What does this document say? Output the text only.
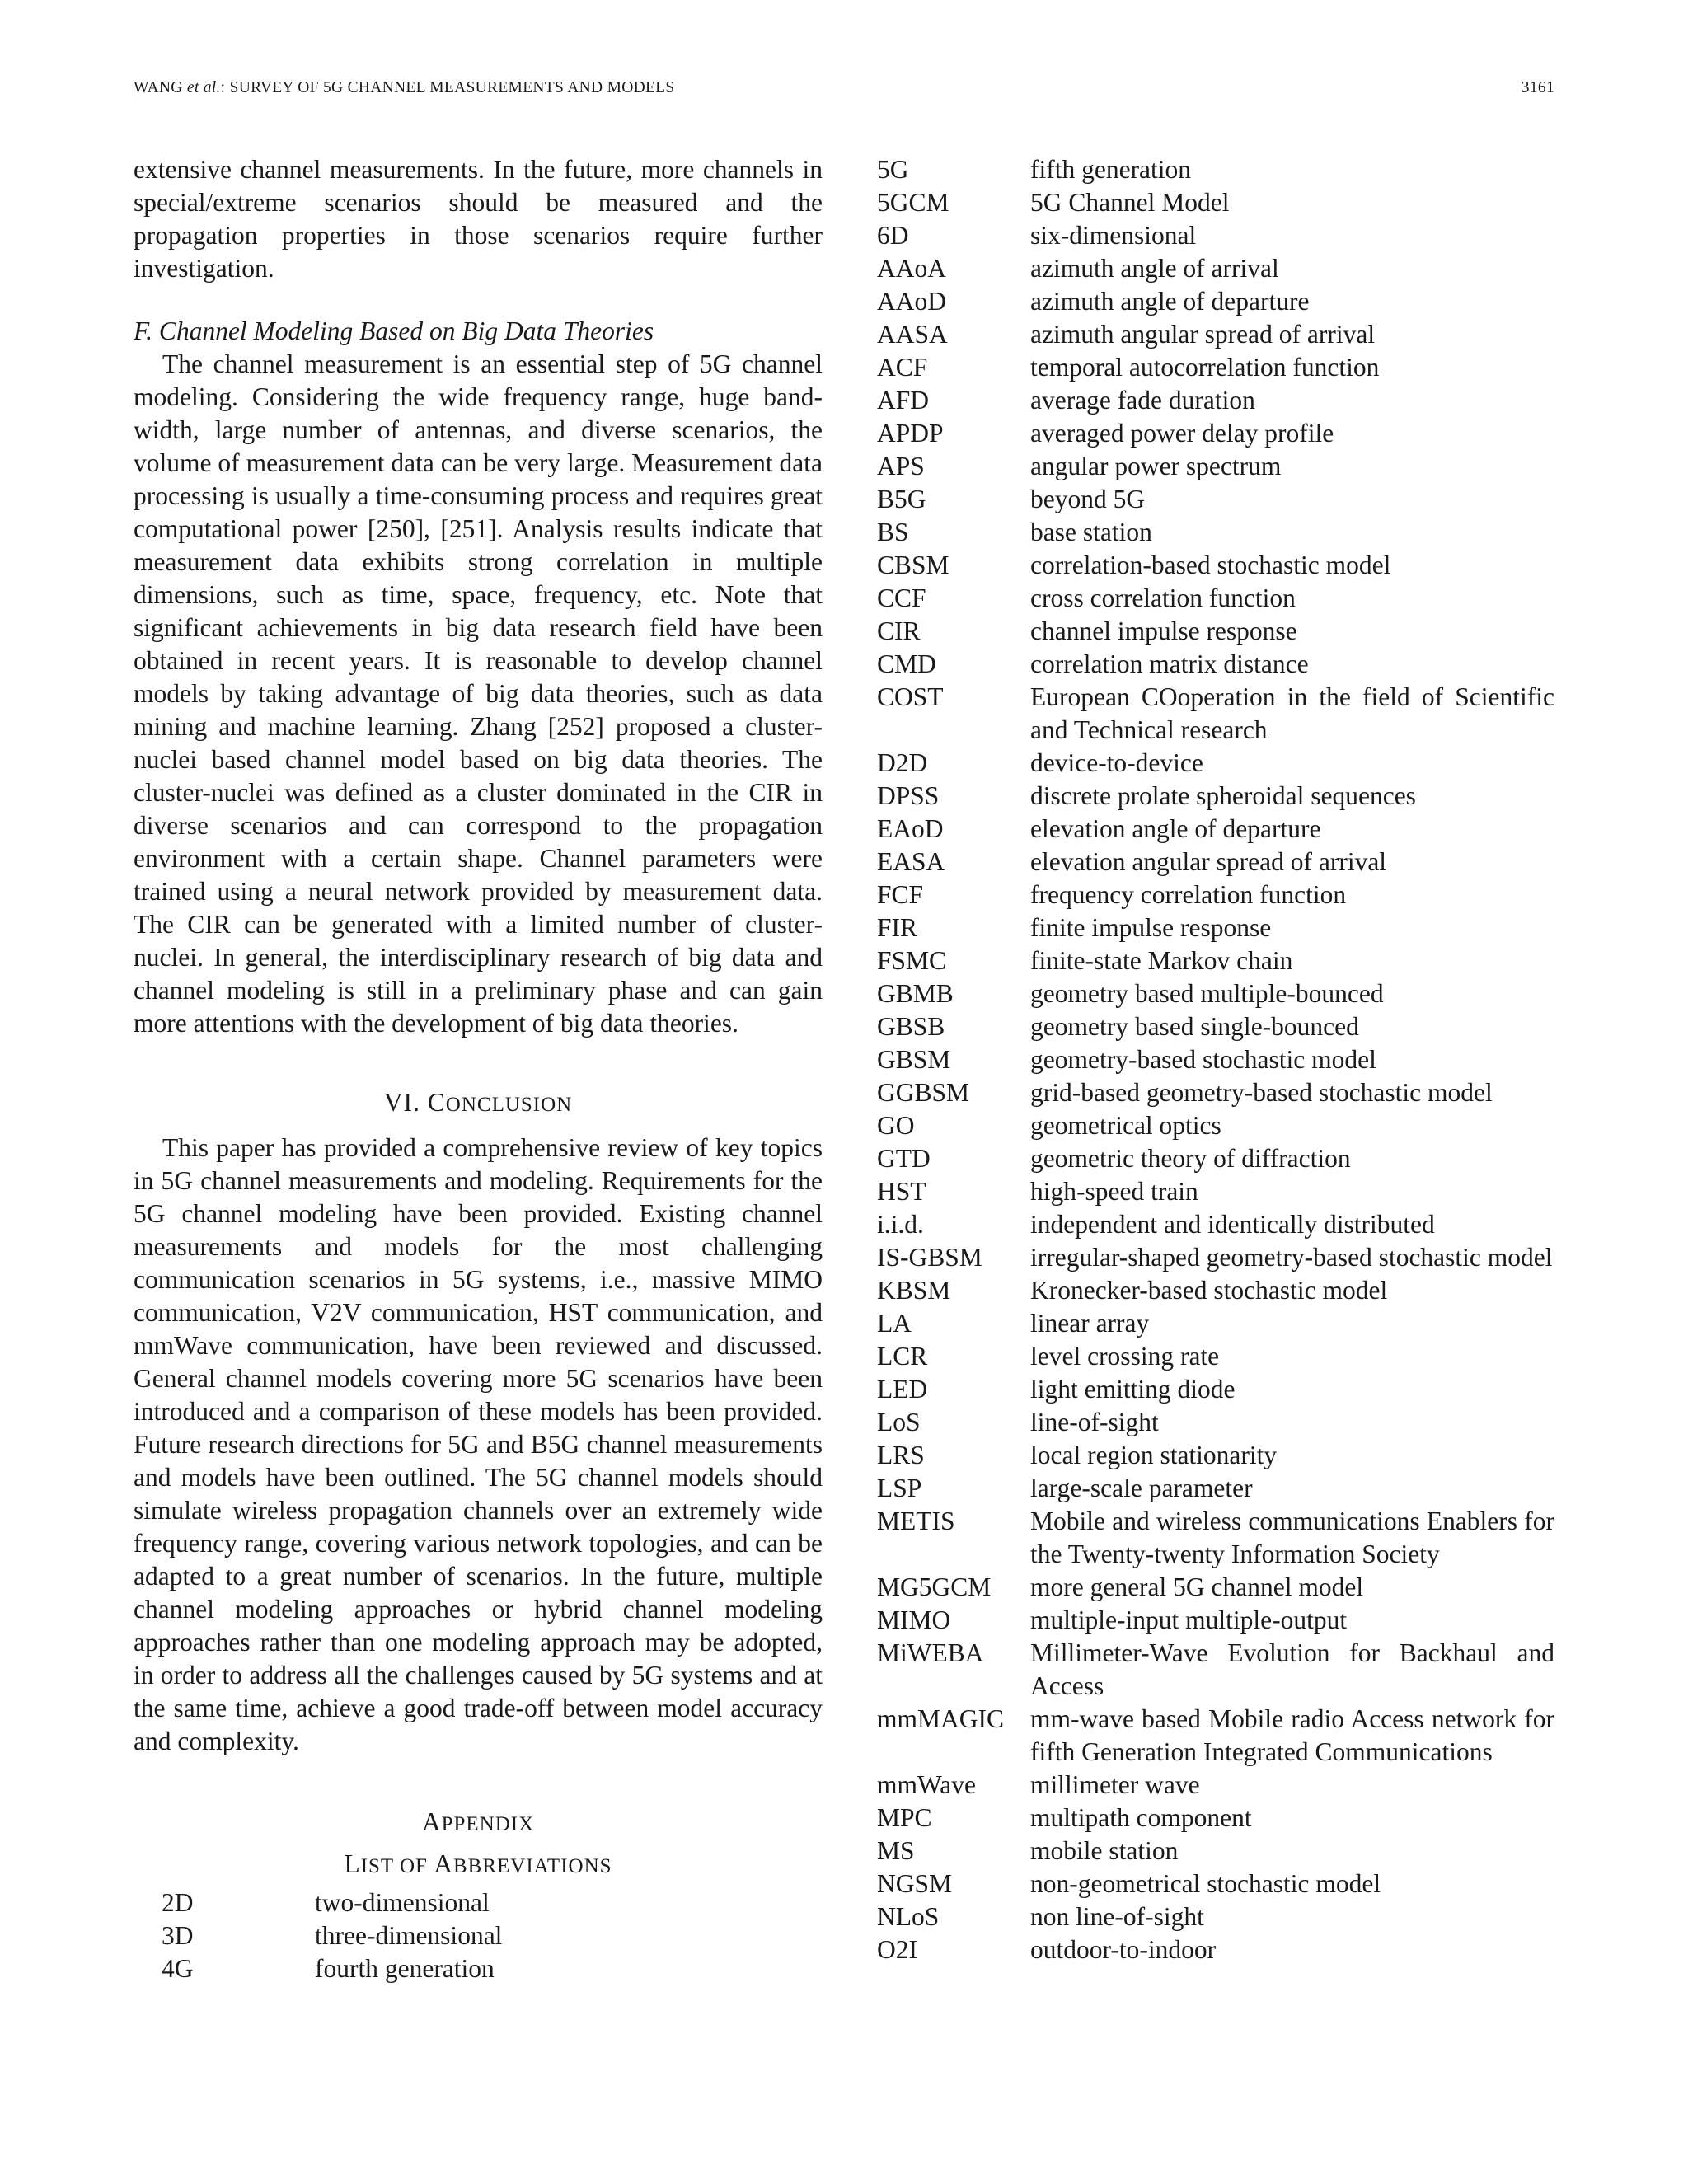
WANG et al.: SURVEY OF 5G CHANNEL MEASUREMENTS AND MODELS	3161

extensive channel measurements. In the future, more channels in special/extreme scenarios should be measured and the propagation properties in those scenarios require further investigation.

F. Channel Modeling Based on Big Data Theories

The channel measurement is an essential step of 5G channel modeling. Considering the wide frequency range, huge bandwidth, large number of antennas, and diverse scenarios, the volume of measurement data can be very large. Measurement data processing is usually a time-consuming process and requires great computational power [250], [251]. Analysis results indicate that measurement data exhibits strong correlation in multiple dimensions, such as time, space, frequency, etc. Note that significant achievements in big data research field have been obtained in recent years. It is reasonable to develop channel models by taking advantage of big data theories, such as data mining and machine learning. Zhang [252] proposed a cluster-nuclei based channel model based on big data theories. The cluster-nuclei was defined as a cluster dominated in the CIR in diverse scenarios and can correspond to the propagation environment with a certain shape. Channel parameters were trained using a neural network provided by measurement data. The CIR can be generated with a limited number of cluster-nuclei. In general, the interdisciplinary research of big data and channel modeling is still in a preliminary phase and can gain more attentions with the development of big data theories.

VI. CONCLUSION

This paper has provided a comprehensive review of key topics in 5G channel measurements and modeling. Requirements for the 5G channel modeling have been provided. Existing channel measurements and models for the most challenging communication scenarios in 5G systems, i.e., massive MIMO communication, V2V communication, HST communication, and mmWave communication, have been reviewed and discussed. General channel models covering more 5G scenarios have been introduced and a comparison of these models has been provided. Future research directions for 5G and B5G channel measurements and models have been outlined. The 5G channel models should simulate wireless propagation channels over an extremely wide frequency range, covering various network topologies, and can be adapted to a great number of scenarios. In the future, multiple channel modeling approaches or hybrid channel modeling approaches rather than one modeling approach may be adopted, in order to address all the challenges caused by 5G systems and at the same time, achieve a good trade-off between model accuracy and complexity.

APPENDIX
LIST OF ABBREVIATIONS
2D	two-dimensional
3D	three-dimensional
4G	fourth generation
5G	fifth generation
5GCM	5G Channel Model
6D	six-dimensional
AAoA	azimuth angle of arrival
AAoD	azimuth angle of departure
AASA	azimuth angular spread of arrival
ACF	temporal autocorrelation function
AFD	average fade duration
APDP	averaged power delay profile
APS	angular power spectrum
B5G	beyond 5G
BS	base station
CBSM	correlation-based stochastic model
CCF	cross correlation function
CIR	channel impulse response
CMD	correlation matrix distance
COST	European COoperation in the field of Scientific and Technical research
D2D	device-to-device
DPSS	discrete prolate spheroidal sequences
EAoD	elevation angle of departure
EASA	elevation angular spread of arrival
FCF	frequency correlation function
FIR	finite impulse response
FSMC	finite-state Markov chain
GBMB	geometry based multiple-bounced
GBSB	geometry based single-bounced
GBSM	geometry-based stochastic model
GGBSM	grid-based geometry-based stochastic model
GO	geometrical optics
GTD	geometric theory of diffraction
HST	high-speed train
i.i.d.	independent and identically distributed
IS-GBSM	irregular-shaped geometry-based stochastic model
KBSM	Kronecker-based stochastic model
LA	linear array
LCR	level crossing rate
LED	light emitting diode
LoS	line-of-sight
LRS	local region stationarity
LSP	large-scale parameter
METIS	Mobile and wireless communications Enablers for the Twenty-twenty Information Society
MG5GCM	more general 5G channel model
MIMO	multiple-input multiple-output
MiWEBA	Millimeter-Wave Evolution for Backhaul and Access
mmMAGIC	mm-wave based Mobile radio Access network for fifth Generation Integrated Communications
mmWave	millimeter wave
MPC	multipath component
MS	mobile station
NGSM	non-geometrical stochastic model
NLoS	non line-of-sight
O2I	outdoor-to-indoor
